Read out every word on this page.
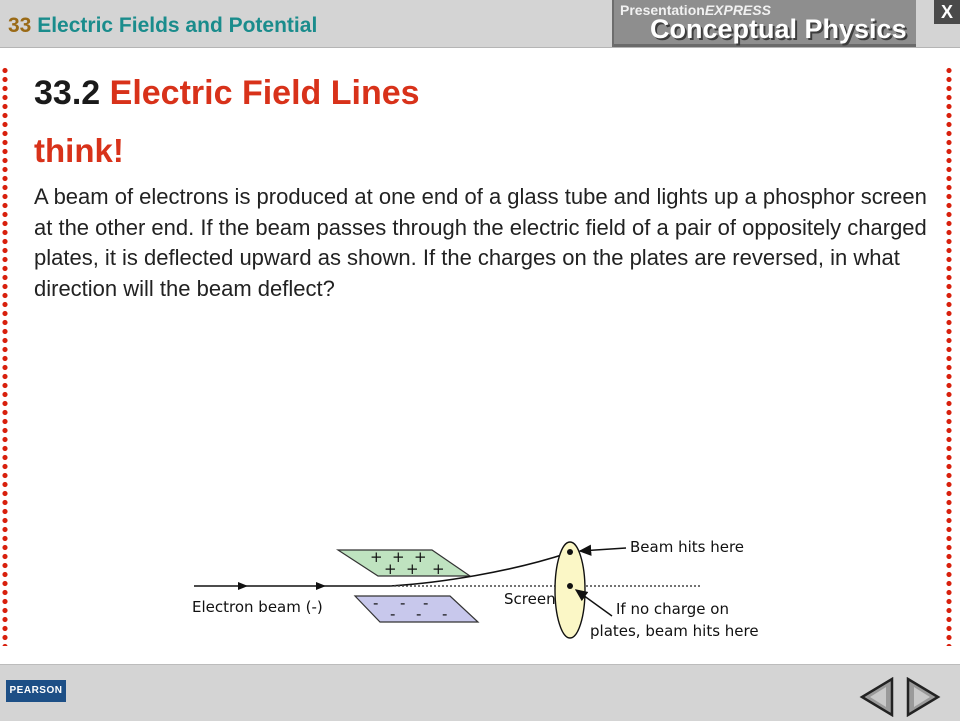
33 Electric Fields and Potential
PresentationEXPRESS
Conceptual Physics
X
33.2 Electric Field Lines
think!
A beam of electrons is produced at one end of a glass tube and lights up a phosphor screen at the other end. If the beam passes through the electric field of a pair of oppositely charged plates, it is deflected upward as shown. If the charges on the plates are reversed, in what direction will the beam deflect?
+ + +
+ + +
- - -
- - -
Beam hits here
If no charge on
plates, beam hits here
Electron beam (-)	Screen
PEARSON
